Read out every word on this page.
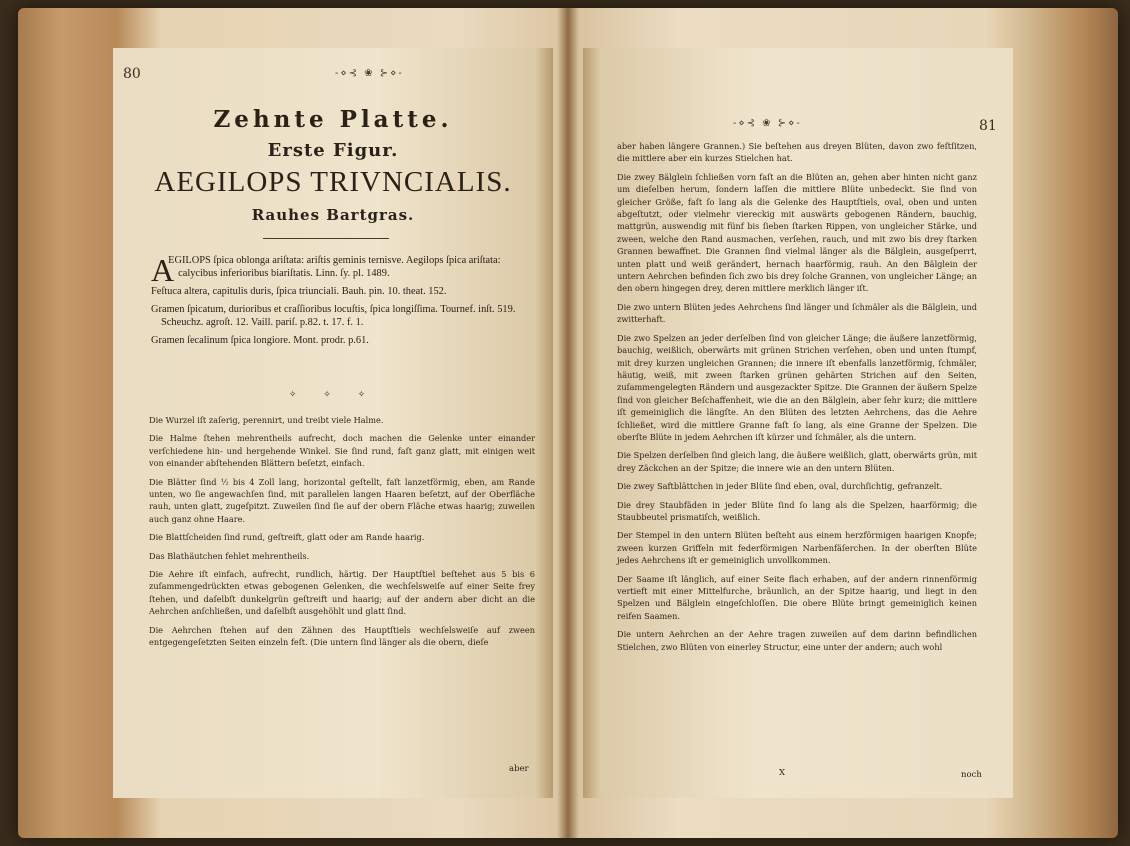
80	-⋄⊰ ❀ ⊱⋄-
Zehnte Platte.
Erste Figur.
AEGILOPS TRIVNCIALIS.
Rauhes Bartgras.

A
EGILOPS ſpica oblonga ariſtata: ariſtis geminis ternisve. Aegilops ſpica ariſtata: calycibus inferioribus biariſtatis. Linn. ſy. pl. 1489.

Feſtuca altera, capitulis duris, ſpica triunciali. Bauh. pin. 10. theat. 152.

Gramen ſpicatum, durioribus et craſſioribus locuſtis, ſpica longiſſima. Tournef. inſt. 519. Scheuchz. agroſt. 12. Vaill. pariſ. p.82. t. 17. f. 1.

Gramen ſecalinum ſpica longiore. Mont. prodr. p.61.

✧ ✧ ✧

Die Wurzel iſt zaſerig, perennirt, und treibt viele Halme.

Die Halme ſtehen mehrentheils aufrecht, doch machen die Gelenke unter einander verſchiedene hin- und hergehende Winkel. Sie ſind rund, faſt ganz glatt, mit einigen weit von einander abſtehenden Blättern beſetzt, einfach.

Die Blätter ſind ½ bis 4 Zoll lang, horizontal geſtellt, faſt lanzetförmig, eben, am Rande unten, wo ſie angewachſen ſind, mit parallelen langen Haaren beſetzt, auf der Oberfläche rauh, unten glatt, zugeſpitzt. Zuweilen ſind ſie auf der obern Fläche etwas haarig; zuweilen auch ganz ohne Haare.

Die Blattſcheiden ſind rund, geſtreift, glatt oder am Rande haarig.

Das Blathäutchen fehlet mehrentheils.

Die Aehre iſt einfach, aufrecht, rundlich, härtig. Der Hauptſtiel beſtehet aus 5 bis 6 zuſammengedrückten etwas gebogenen Gelenken, die wechſelsweiſe auf einer Seite frey ſtehen, und daſelbſt dunkelgrün geſtreift und haarig; auf der andern aber dicht an die Aehrchen anſchließen, und daſelbſt ausgehöhlt und glatt ſind.

Die Aehrchen ſtehen auf den Zähnen des Hauptſtiels wechſelsweiſe auf zween entgegengeſetzten Seiten einzeln feſt. (Die untern ſind länger als die obern, dieſe

aber
-⋄⊰ ❀ ⊱⋄-	81

aber haben längere Grannen.) Sie beſtehen aus dreyen Blüten, davon zwo feſtſitzen, die mittlere aber ein kurzes Stielchen hat.

Die zwey Bälglein ſchließen vorn faſt an die Blüten an, gehen aber hinten nicht ganz um dieſelben herum, ſondern laſſen die mittlere Blüte unbedeckt. Sie ſind von gleicher Größe, faſt ſo lang als die Gelenke des Hauptſtiels, oval, oben und unten abgeſtutzt, oder vielmehr viereckig mit auswärts gebogenen Rändern, bauchig, mattgrün, auswendig mit fünf bis ſieben ſtarken Rippen, von ungleicher Stärke, und zween, welche den Rand ausmachen, verſehen, rauch, und mit zwo bis drey ſtarken Grannen bewaffnet. Die Grannen ſind vielmal länger als die Bälglein, ausgeſperrt, unten platt und weiß gerändert, hernach haarförmig, rauh. An den Bälglein der untern Aehrchen befinden ſich zwo bis drey ſolche Grannen, von ungleicher Länge; an den obern hingegen drey, deren mittlere merklich länger iſt.

Die zwo untern Blüten jedes Aehrchens ſind länger und ſchmäler als die Bälglein, und zwitterhaft.

Die zwo Spelzen an jeder derſelben ſind von gleicher Länge; die äußere lanzetförmig, bauchig, weißlich, oberwärts mit grünen Strichen verſehen, oben und unten ſtumpf, mit drey kurzen ungleichen Grannen; die innere iſt ebenfalls lanzetförmig, ſchmäler, häutig, weiß, mit zween ſtarken grünen gehärten Strichen auf den Seiten, zuſammengelegten Rändern und ausgezackter Spitze. Die Grannen der äußern Spelze ſind von gleicher Beſchaffenheit, wie die an den Bälglein, aber ſehr kurz; die mittlere iſt gemeiniglich die längſte. An den Blüten des letzten Aehrchens, das die Aehre ſchließet, wird die mittlere Granne faſt ſo lang, als eine Granne der Spelzen. Die oberſte Blüte in jedem Aehrchen iſt kürzer und ſchmäler, als die untern.

Die Spelzen derſelben ſind gleich lang, die äußere weißlich, glatt, oberwärts grün, mit drey Zäckchen an der Spitze; die innere wie an den untern Blüten.

Die zwey Saftblättchen in jeder Blüte ſind eben, oval, durchſichtig, gefranzelt.

Die drey Staubfäden in jeder Blüte ſind ſo lang als die Spelzen, haarförmig; die Staubbeutel prismatiſch, weißlich.

Der Stempel in den untern Blüten beſteht aus einem herzförmigen haarigen Knopfe; zween kurzen Griffeln mit federförmigen Narbenfäſerchen. In der oberſten Blüte jedes Aehrchens iſt er gemeiniglich unvollkommen.

Der Saame iſt länglich, auf einer Seite flach erhaben, auf der andern rinnenförmig vertieft mit einer Mittelfurche, bräunlich, an der Spitze haarig, und liegt in den Spelzen und Bälglein eingeſchloſſen. Die obere Blüte bringt gemeiniglich keinen reifen Saamen.

Die untern Aehrchen an der Aehre tragen zuweilen auf dem darinn befindlichen Stielchen, zwo Blüten von einerley Structur, eine unter der andern; auch wohl

X	noch
